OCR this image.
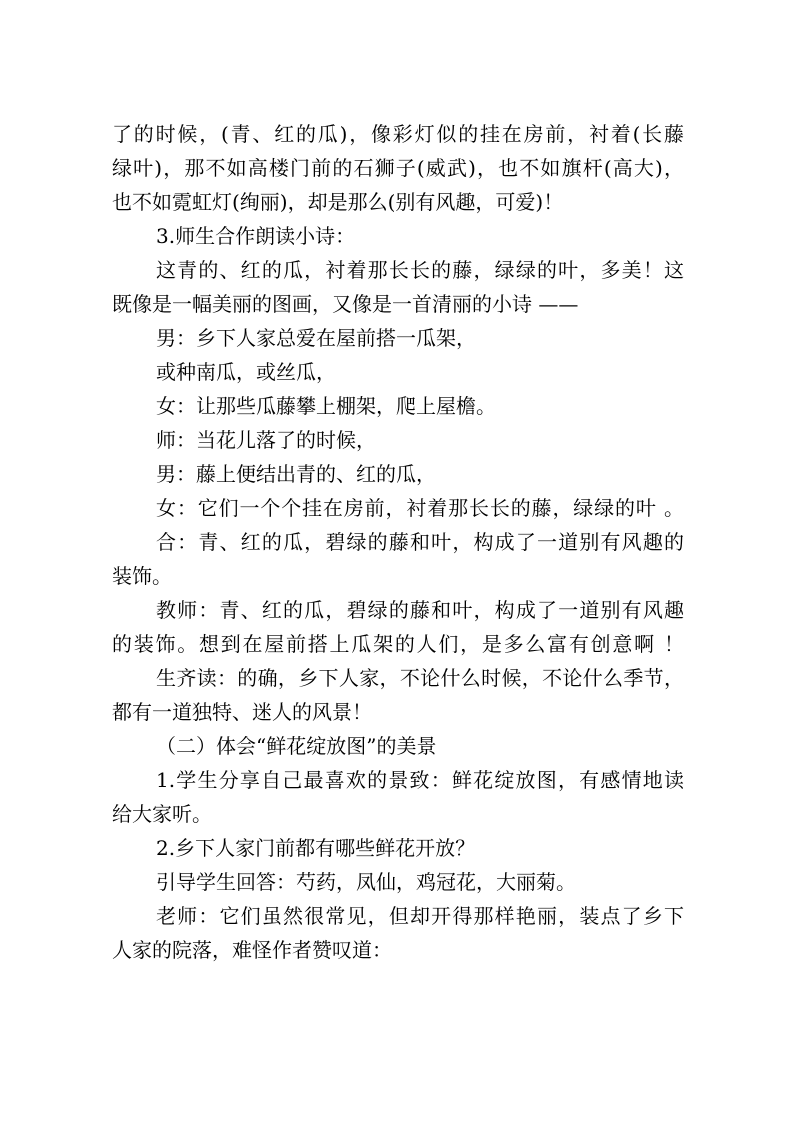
了的时候，(青、红的瓜)，像彩灯似的挂在房前，衬着(长藤
绿叶)，那不如高楼门前的石狮子(威武)，也不如旗杆(高大)，
也不如霓虹灯(绚丽)，却是那么(别有风趣，可爱)！
3.师生合作朗读小诗：
这青的、红的瓜，衬着那长长的藤，绿绿的叶，多美！这
既像是一幅美丽的图画，又像是一首清丽的小诗 ——
男：乡下人家总爱在屋前搭一瓜架，
或种南瓜，或丝瓜，
女：让那些瓜藤攀上棚架，爬上屋檐。
师：当花儿落了的时候，
男：藤上便结出青的、红的瓜，
女：它们一个个挂在房前，衬着那长长的藤，绿绿的叶 。
合：青、红的瓜，碧绿的藤和叶，构成了一道别有风趣的
装饰。
教师：青、红的瓜，碧绿的藤和叶，构成了一道别有风趣
的装饰。想到在屋前搭上瓜架的人们，是多么富有创意啊 ！
生齐读：的确，乡下人家，不论什么时候，不论什么季节，
都有一道独特、迷人的风景！
（二）体会“鲜花绽放图”的美景
1.学生分享自己最喜欢的景致：鲜花绽放图，有感情地读
给大家听。
2.乡下人家门前都有哪些鲜花开放？
引导学生回答：芍药，凤仙，鸡冠花，大丽菊。
老师：它们虽然很常见，但却开得那样艳丽，装点了乡下
人家的院落，难怪作者赞叹道：
